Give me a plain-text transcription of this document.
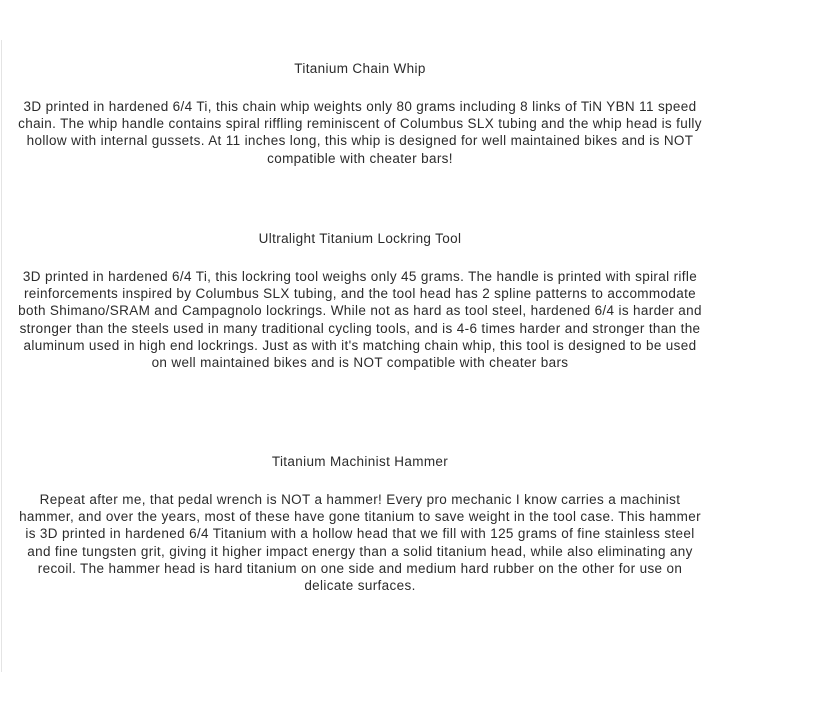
Titanium Chain Whip

3D printed in hardened 6/4 Ti, this chain whip weights only 80 grams including 8 links of TiN YBN 11 speed chain. The whip handle contains spiral riffling reminiscent of Columbus SLX tubing and the whip head is fully hollow with internal gussets. At 11 inches long, this whip is designed for well maintained bikes and is NOT compatible with cheater bars!

Ultralight Titanium Lockring Tool

3D printed in hardened 6/4 Ti, this lockring tool weighs only 45 grams. The handle is printed with spiral rifle reinforcements inspired by Columbus SLX tubing, and the tool head has 2 spline patterns to accommodate both Shimano/SRAM and Campagnolo lockrings. While not as hard as tool steel, hardened 6/4 is harder and stronger than the steels used in many traditional cycling tools, and is 4-6 times harder and stronger than the aluminum used in high end lockrings. Just as with it's matching chain whip, this tool is designed to be used on well maintained bikes and is NOT compatible with cheater bars

Titanium Machinist Hammer

Repeat after me, that pedal wrench is NOT a hammer! Every pro mechanic I know carries a machinist hammer, and over the years, most of these have gone titanium to save weight in the tool case. This hammer is 3D printed in hardened 6/4 Titanium with a hollow head that we fill with 125 grams of fine stainless steel and fine tungsten grit, giving it higher impact energy than a solid titanium head, while also eliminating any recoil. The hammer head is hard titanium on one side and medium hard rubber on the other for use on delicate surfaces.
